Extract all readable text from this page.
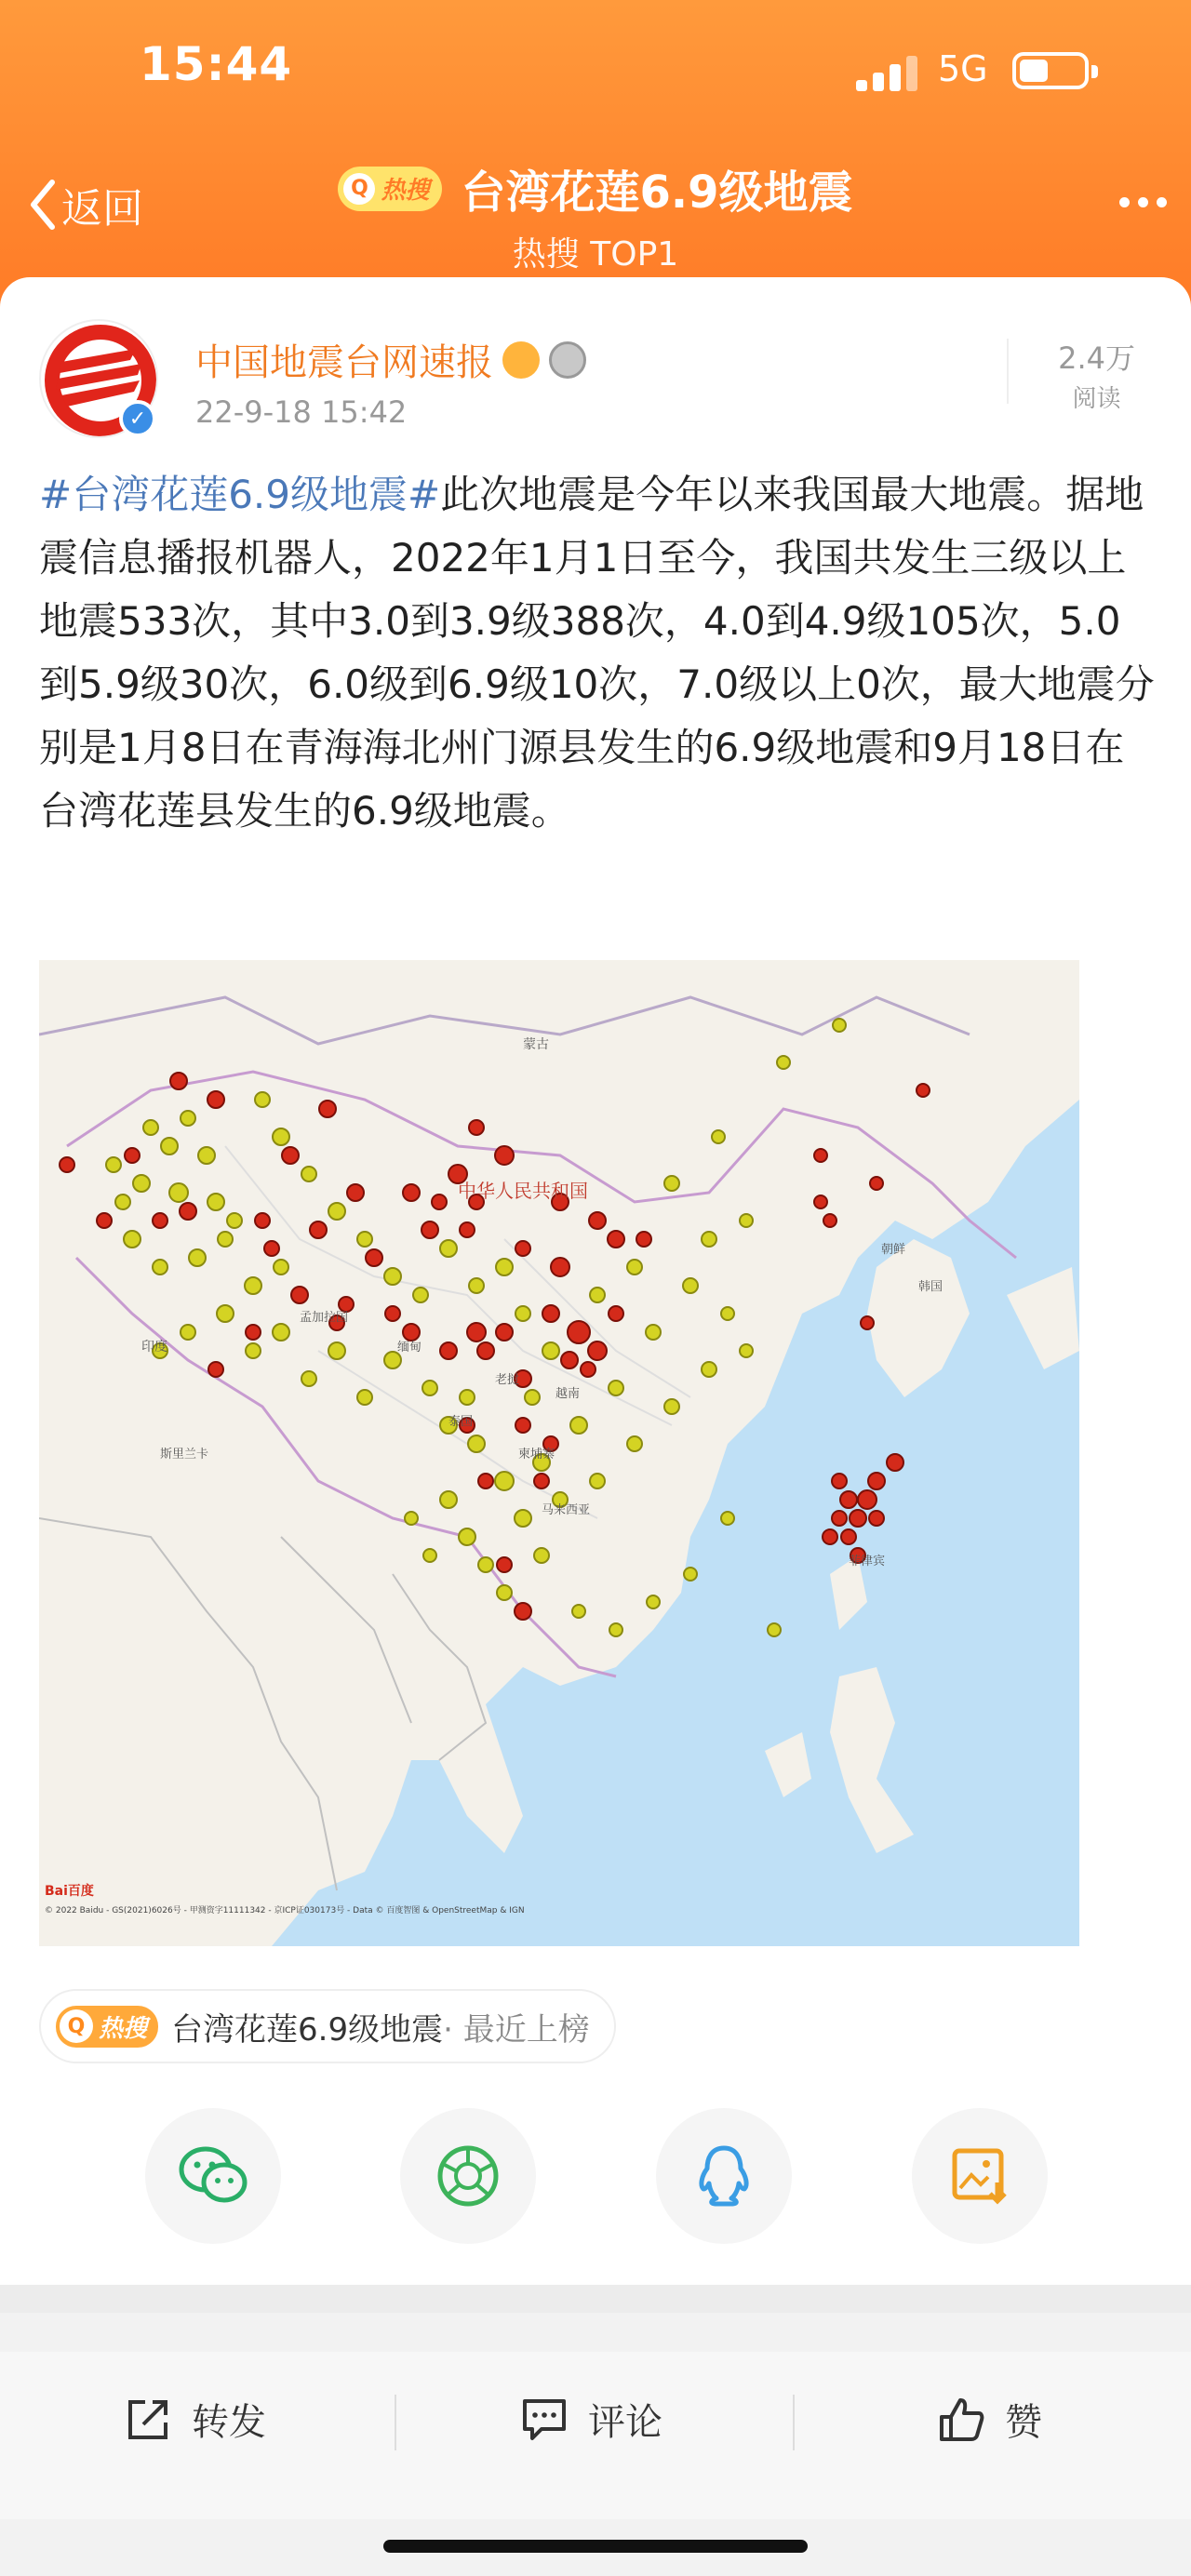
15:44	5G
返回	Q 热搜 台湾花莲6.9级地震
热搜 TOP1
✓
中国地震台网速报
22-9-18 15:42
2.4万
阅读
#台湾花莲6.9级地震#此次地震是今年以来我国最大地震。据地震信息播报机器人，2022年1月1日至今，我国共发生三级以上地震533次，其中3.0到3.9级388次，4.0到4.9级105次，5.0到5.9级30次，6.0级到6.9级10次，7.0级以上0次，最大地震分别是1月8日在青海海北州门源县发生的6.9级地震和9月18日在台湾花莲县发生的6.9级地震。
蒙古
中华人民共和国
朝鲜
韩国
孟加拉国
缅甸
老挝
印度
泰国
柬埔寨
菲律宾
越南
斯里兰卡
马来西亚
Bai百度
© 2022 Baidu - GS(2021)6026号 - 甲测资字11111342 - 京ICP证030173号 - Data © 百度智图 & OpenStreetMap & IGN
Q 热搜 台湾花莲6.9级地震 · 最近上榜
转发	评论	赞
